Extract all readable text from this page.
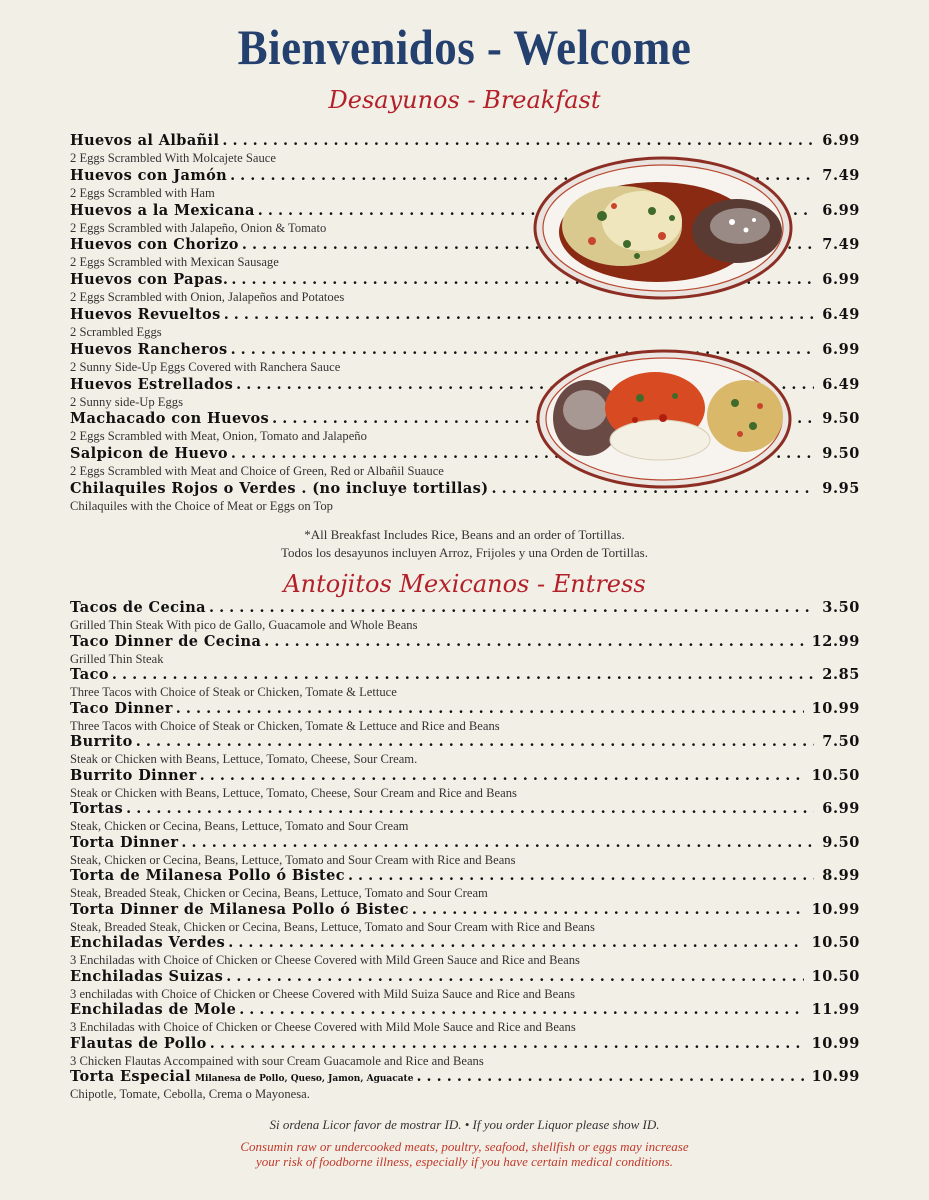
Bienvenidos - Welcome
Desayunos - Breakfast
Huevos al Albañil . . .	6.99
2 Eggs Scrambled With Molcajete Sauce
Huevos con Jamón . . .	7.49
2 Eggs Scrambled with Ham
Huevos a la Mexicana . . .	6.99
2 Eggs Scrambled with Jalapeño, Onion & Tomato
Huevos con Chorizo . . .	7.49
2 Eggs Scrambled with Mexican Sausage
Huevos con Papas. . . .	6.99
2 Eggs Scrambled with Onion, Jalapeños and Potatoes
Huevos Revueltos . . .	6.49
2 Scrambled Eggs
Huevos Rancheros . . .	6.99
2 Sunny Side-Up Eggs Covered with Ranchera Sauce
Huevos Estrellados . . .	6.49
2 Sunny side-Up Eggs
Machacado con Huevos . . .	9.50
2 Eggs Scrambled with Meat, Onion, Tomato and Jalapeño
Salpicon de Huevo . . .	9.50
2 Eggs Scrambled with Meat and Choice of Green, Red or Albañil Suauce
Chilaquiles Rojos o Verdes . (no incluye tortillas) . . .	9.95
Chilaquiles with the Choice of Meat or Eggs on Top
*All Breakfast Includes Rice, Beans and an order of Tortillas.
Todos los desayunos incluyen Arroz, Frijoles y una Orden de Tortillas.
Antojitos Mexicanos - Entress
Tacos de Cecina . . .	3.50
Grilled Thin Steak With pico de Gallo, Guacamole and Whole Beans
Taco Dinner de Cecina . . .	12.99
Grilled Thin Steak
Taco . . .	2.85
Three Tacos with Choice of Steak or Chicken, Tomate & Lettuce
Taco Dinner . . .	10.99
Three Tacos with Choice of Steak or Chicken, Tomate & Lettuce and Rice and Beans
Burrito . . .	7.50
Steak or Chicken with Beans, Lettuce, Tomato, Cheese, Sour Cream.
Burrito Dinner . . .	10.50
Steak or Chicken with Beans, Lettuce, Tomato, Cheese, Sour Cream and Rice and Beans
Tortas . . .	6.99
Steak, Chicken or Cecina, Beans, Lettuce, Tomato and Sour Cream
Torta Dinner . . .	9.50
Steak, Chicken or Cecina, Beans, Lettuce, Tomato and Sour Cream with Rice and Beans
Torta de Milanesa Pollo ó Bistec . . .	8.99
Steak, Breaded Steak, Chicken or Cecina, Beans, Lettuce, Tomato and Sour Cream
Torta Dinner de Milanesa Pollo ó Bistec . . .	10.99
Steak, Breaded Steak, Chicken or Cecina, Beans, Lettuce, Tomato and Sour Cream with Rice and Beans
Enchiladas Verdes . . .	10.50
3 Enchiladas with Choice of Chicken or Cheese Covered with Mild Green Sauce and Rice and Beans
Enchiladas Suizas . . .	10.50
3 enchiladas with Choice of Chicken or Cheese Covered with Mild Suiza Sauce and Rice and Beans
Enchiladas de Mole . . .	11.99
3 Enchiladas with Choice of Chicken or Cheese Covered with Mild Mole Sauce and Rice and Beans
Flautas de Pollo . . .	10.99
3 Chicken Flautas Accompained with sour Cream Guacamole and Rice and Beans
Torta Especial Milanesa de Pollo, Queso, Jamon, Aguacate . . .	10.99
Chipotle, Tomate, Cebolla, Crema o Mayonesa.
Si ordena Licor favor de mostrar ID. • If you order Liquor please show ID.
Consumin raw or undercooked meats, poultry, seafood, shellfish or eggs may increase
your risk of foodborne illness, especially if you have certain medical conditions.
